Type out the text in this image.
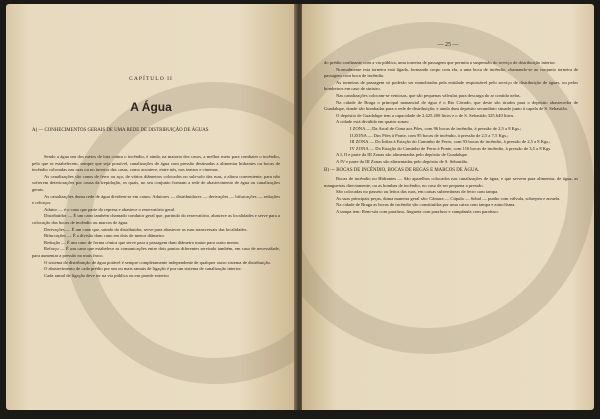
CAPÍTULO II
A Água
A) — CONHECIMENTOS GERAIS DE UMA REDE DE DISTRIBUIÇÃO DE ÁGUAS

Sendo a água um dos meios de luta contra o incêndio, é ainda, na maioria dos casos, a melhor meio para combater o incêndio, pelo que se estabelecem, sempre que seja possível, canalizações de água com pressão destinadas a alimentar hidrantes ou bocas de incêndio colocadas nas ruas ou no interior das casas, como acontece, entre nós, nos teatros e cinemas.

As canalizações são canos de ferro ou aço, de vários diâmetros colocados no sub-solo das ruas, a altura conveniente, para não sofrerem deteriorações por causa da trepidação, os quais, no seu conjunto formam a rede de abastecimento de água ou canalizações gerais.

As canalizações duma rede de água dividem-se em canos: Adutores — distribuidores — derivações — bifurcações — reduções e reforços.

Adutor — é o cano que parte do represa e abastece o reservatório geral.

Distribuidor — É um cano também chamado condutor geral que, partindo do reservatório, abastece as localidades e serve para a colocação das bocas de incêndio ou marcos de água.

Derivações — É um cano que, saindo do distribuidor, serve para abastecer as ruas transversais das localidades.

Bifurcações — É a divisão dum cano em dois de menor diâmetro.

Redução — É um cano de forma cónica que serve para a passagem dum diâmetro maior para outro menor.

Reforço — É um cano que estabelece as comunicações entre dois pontos diferentes servindo também, em caso de necessidade, para aumentar a pressão no mais fraco.

O sistema de distribuição de água potável é sempre completamente independente de qualquer outro sistema de distribuição.

O abastecimento de cada prédio por um ou mais ramais de ligação é por um sistema de canalização interior.

Cada ramal de ligação deve ter na via pública ou em parede exterior

— 25 —

do prédio confinante com a via pública, uma torneira de passagem que permita a suspensão do serviço de distribuição interior.

Normalmente esta torneira está lígada, formando corpo com ela, a uma boca de incêndio, chamando-se ao conjunto torneira de passagem com boca de incêndio.

As torneiras de passagem só poderão ser manobradas pela entidade responsável pelo serviço de distribuição de águas, ou pelos bombeiros em caso de sinistro.

Nas canalizações colocam-se ventosas, que são pequenas válvulas para descarga do ar contido nelas.

Na cidade de Braga o principal manancial de água é o Rio Cávado, que deste são tirados para o depósito abastecedor de Guadalupe, donde são bombadas para a rede de distribuição; e ainda dum depósito secundário situado junto à capela de S. Sebastião.

O depósito de Guadalupe tem a capacidade de 2.425.200 litros e o de S. Sebastião 325.640 litros.

A cidade está dividida em quatro zonas:

I ZONA — Da Arcal de Cima aos Pões, com 96 bocas de incêndio, à pressão de 2,5 a 8 Kgs.;

II ZONA — Dos Pões à Ponte, com 95 bocas de incêndio, à pressão de 2,5 a 7,5 Kgs.;

III ZONA — Do Ínfias à Estação do Caminho de Ferro, com 93 bocas de incêndio, à pressão de 2,5 a 8 Kgs.;

IV ZONA — Da Estação do Caminho de Ferro à Ponte, com 116 bocas de incêndio, à pressão de 3,5 a 8 Kgs.

A I, II e parte da III Zonas são alimentadas pelo depósito de Guadalupe.

A IV e parte da III Zonas são alimentadas pelo depósito de S. Sebastião.

B) — BOCAS DE INCÊNDIO, BOCAS DE REGAS E MARCOS DE ÁGUA.

Bocas de incêndio ou Hidrantes — São aparelhos colocados nas canalizações de água, e que servem para alimentar, de água, as mangueiras directamente, ou as bombas de incêndio, no caso de ser pequena a pressão.

São colocadas no passeio ou leitos das ruas, em caixas subterrâneas de ferro com tampa.

As suas principais peças, duma maneira geral são: Câmara — Cúpula — Sobal — punho com válvula, sobrepeu e arruela.

Na cidade de Braga as bocas de incêndio são constituídas por uma caixa com tampa e autoclisma.

A tampa tem: Rem-sóa com parafuso, lingueta com parafuso e campânula com parafuso.
